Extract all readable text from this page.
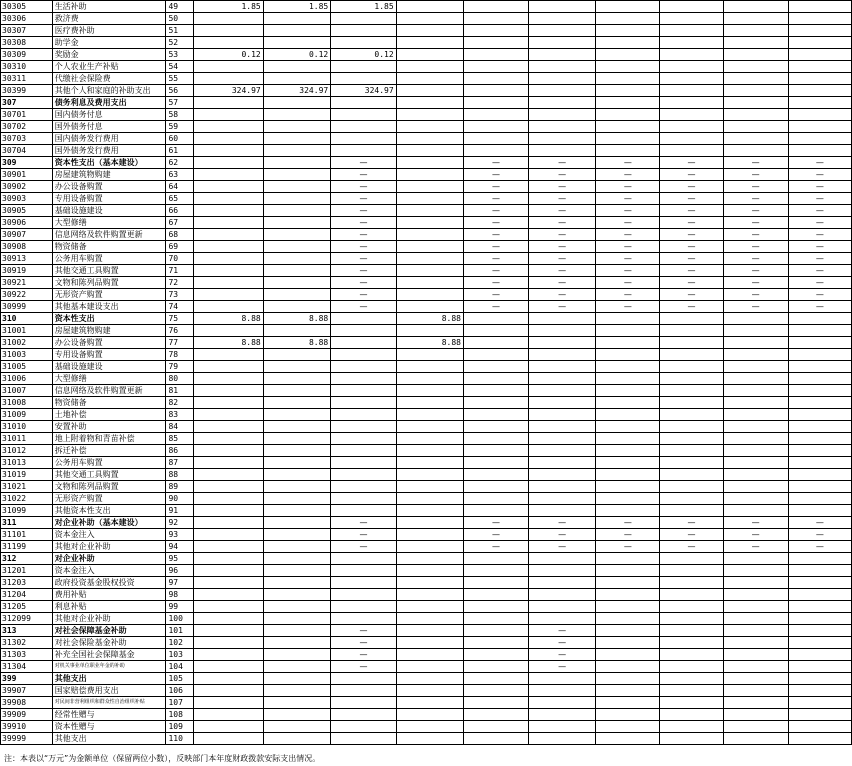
30305	生活补助	49	1.85	1.85	1.85							
30306	救济费	50										
30307	医疗费补助	51										
30308	助学金	52										
30309	奖励金	53	0.12	0.12	0.12							
30310	个人农业生产补贴	54										
30311	代缴社会保险费	55										
30399	其他个人和家庭的补助支出	56	324.97	324.97	324.97							
307	债务利息及费用支出	57										
30701	国内债务付息	58										
30702	国外债务付息	59										
30703	国内债务发行费用	60										
30704	国外债务发行费用	61										
309	资本性支出（基本建设）	62			—		—	—	—	—	—	—
30901	房屋建筑物购建	63			—		—	—	—	—	—	—
30902	办公设备购置	64			—		—	—	—	—	—	—
30903	专用设备购置	65			—		—	—	—	—	—	—
30905	基础设施建设	66			—		—	—	—	—	—	—
30906	大型修缮	67			—		—	—	—	—	—	—
30907	信息网络及软件购置更新	68			—		—	—	—	—	—	—
30908	物资储备	69			—		—	—	—	—	—	—
30913	公务用车购置	70			—		—	—	—	—	—	—
30919	其他交通工具购置	71			—		—	—	—	—	—	—
30921	文物和陈列品购置	72			—		—	—	—	—	—	—
30922	无形资产购置	73			—		—	—	—	—	—	—
30999	其他基本建设支出	74			—		—	—	—	—	—	—
310	资本性支出	75	8.88	8.88		8.88						
31001	房屋建筑物购建	76										
31002	办公设备购置	77	8.88	8.88		8.88						
31003	专用设备购置	78										
31005	基础设施建设	79										
31006	大型修缮	80										
31007	信息网络及软件购置更新	81										
31008	物资储备	82										
31009	土地补偿	83										
31010	安置补助	84										
31011	地上附着物和青苗补偿	85										
31012	拆迁补偿	86										
31013	公务用车购置	87										
31019	其他交通工具购置	88										
31021	文物和陈列品购置	89										
31022	无形资产购置	90										
31099	其他资本性支出	91										
311	对企业补助（基本建设）	92			—		—	—	—	—	—	—
31101	资本金注入	93			—		—	—	—	—	—	—
31199	其他对企业补助	94			—		—	—	—	—	—	—
312	对企业补助	95										
31201	资本金注入	96										
31203	政府投资基金股权投资	97										
31204	费用补贴	98										
31205	利息补贴	99										
312099	其他对企业补助	100										
313	对社会保障基金补助	101			—			—				
31302	对社会保险基金补助	102			—			—				
31303	补充全国社会保障基金	103			—			—				
31304	对机关事业单位职业年金的补助	104			—			—				
399	其他支出	105										
39907	国家赔偿费用支出	106										
39908	对民间非营利组织和群众性自治组织补贴	107										
39909	经常性赠与	108										
39910	资本性赠与	109										
39999	其他支出	110										
注：本表以“万元”为金额单位（保留两位小数），反映部门本年度财政拨款安际支出情况。
